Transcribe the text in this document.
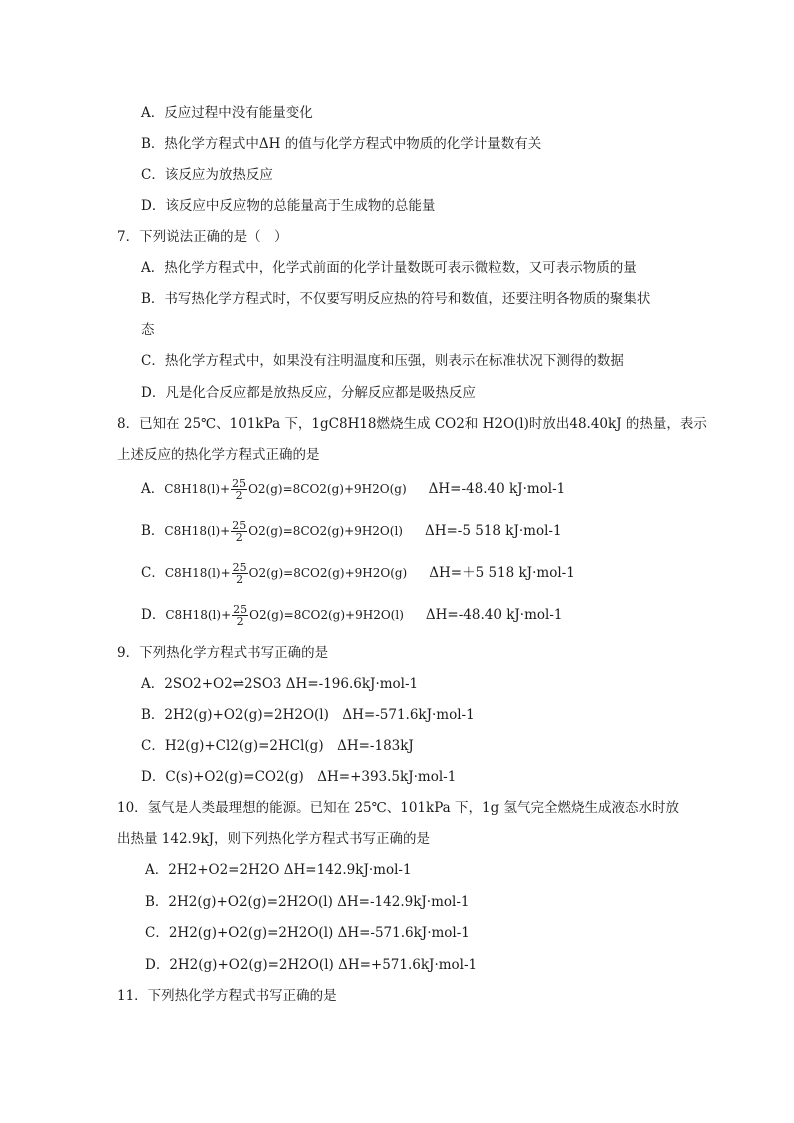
A．反应过程中没有能量变化
B．热化学方程式中ΔH 的值与化学方程式中物质的化学计量数有关
C．该反应为放热反应
D．该反应中反应物的总能量高于生成物的总能量
7．下列说法正确的是（　）
A．热化学方程式中，化学式前面的化学计量数既可表示微粒数，又可表示物质的量
B．书写热化学方程式时，不仅要写明反应热的符号和数值，还要注明各物质的聚集状
态
C．热化学方程式中，如果没有注明温度和压强，则表示在标准状况下测得的数据
D．凡是化合反应都是放热反应，分解反应都是吸热反应
8．已知在 25℃、101kPa 下，1gC8H18燃烧生成 CO2和 H2O(l)时放出48.40kJ 的热量，表示
上述反应的热化学方程式正确的是
A．$C8H18(l)+ \frac{25}{2} O2(g)=8CO2(g)+9H2O(g)$ ΔH=-48.40 kJ·mol-1
B．$C8H18(l)+ \frac{25}{2} O2(g)=8CO2(g)+9H2O(l)$ ΔH=-5 518 kJ·mol-1
C．$C8H18(l)+ \frac{25}{2} O2(g)=8CO2(g)+9H2O(g)$ ΔH=＋5 518 kJ·mol-1
D．$C8H18(l)+ \frac{25}{2} O2(g)=8CO2(g)+9H2O(l)$ ΔH=-48.40 kJ·mol-1
9．下列热化学方程式书写正确的是
A．2SO2+O2⇌2SO3 ΔH=-196.6kJ·mol-1
B．2H2(g)+O2(g)=2H2O(l)　ΔH=-571.6kJ·mol-1
C．H2(g)+Cl2(g)=2HCl(g)　ΔH=-183kJ
D．C(s)+O2(g)=CO2(g)　ΔH=+393.5kJ·mol-1
10．氢气是人类最理想的能源。已知在 25℃、101kPa 下，1g 氢气完全燃烧生成液态水时放
出热量 142.9kJ，则下列热化学方程式书写正确的是
A．2H2+O2=2H2O ΔH=142.9kJ·mol-1
B．2H2(g)+O2(g)=2H2O(l) ΔH=-142.9kJ·mol-1
C．2H2(g)+O2(g)=2H2O(l) ΔH=-571.6kJ·mol-1
D．2H2(g)+O2(g)=2H2O(l) ΔH=+571.6kJ·mol-1
11．下列热化学方程式书写正确的是
